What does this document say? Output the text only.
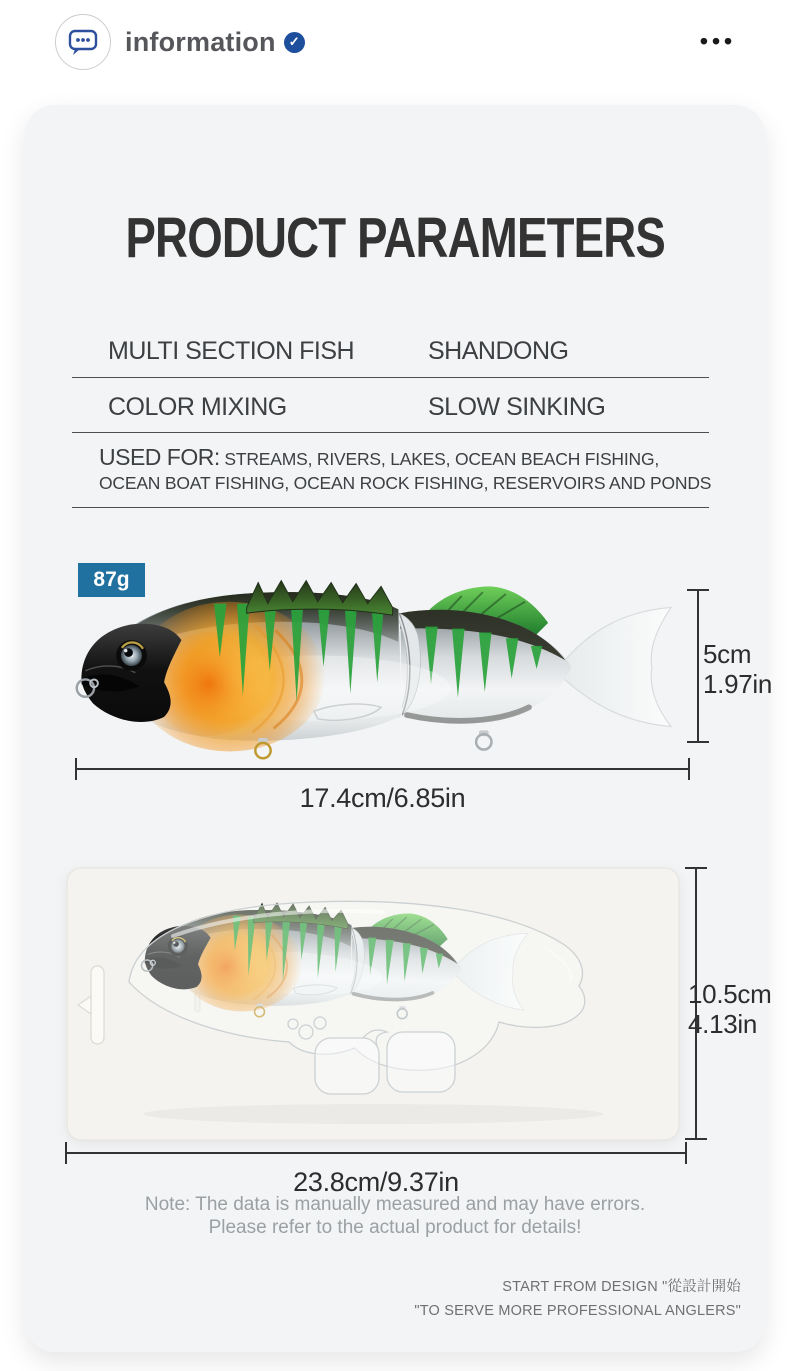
information	✓	•••
PRODUCT PARAMETERS
MULTI SECTION FISH	SHANDONG
COLOR MIXING	SLOW SINKING

USED FOR: STREAMS, RIVERS, LAKES, OCEAN BEACH FISHING, OCEAN BOAT FISHING, OCEAN ROCK FISHING, RESERVOIRS AND PONDS

87g
5cm
1.97in
17.4cm/6.85in
10.5cm
4.13in
23.8cm/9.37in
Note: The data is manually measured and may have errors.
Please refer to the actual product for details!
START FROM DESIGN "從設計開始
"TO SERVE MORE PROFESSIONAL ANGLERS"
